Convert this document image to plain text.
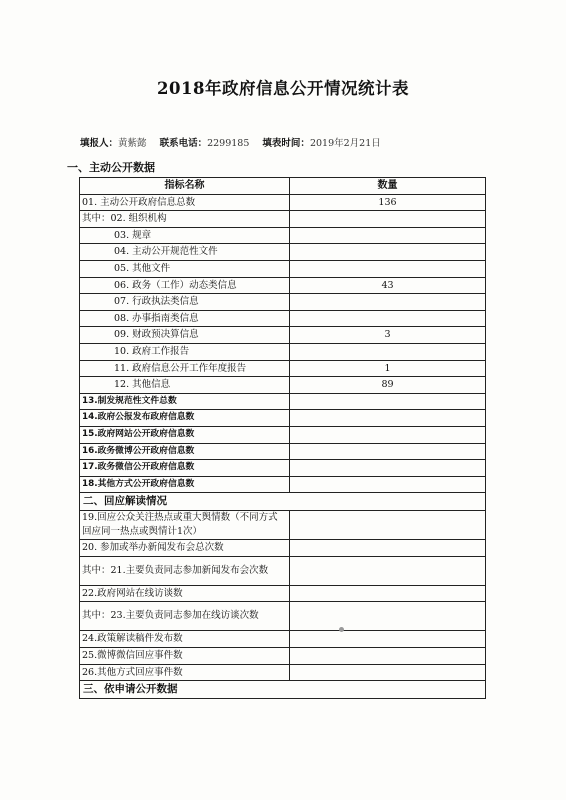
2018年政府信息公开情况统计表
填报人：黄紫懿 联系电话：2299185 填表时间：2019年2月21日
一、主动公开数据
指标名称	数量
01. 主动公开政府信息总数	136
其中：02. 组织机构	
03. 规章	
04. 主动公开规范性文件	
05. 其他文件	
06. 政务（工作）动态类信息	43
07. 行政执法类信息	
08. 办事指南类信息	
09. 财政预决算信息	3
10. 政府工作报告	
11. 政府信息公开工作年度报告	1
12. 其他信息	89
13.制发规范性文件总数	
14.政府公报发布政府信息数	
15.政府网站公开政府信息数	
16.政务微博公开政府信息数	
17.政务微信公开政府信息数	
18.其他方式公开政府信息数	
二、回应解读情况	
19.回应公众关注热点或重大舆情数（不同方式回应同一热点或舆情计1次）	
20. 参加或举办新闻发布会总次数	
其中：21.主要负责同志参加新闻发布会次数	
22.政府网站在线访谈数	
其中：23.主要负责同志参加在线访谈次数	
24.政策解读稿件发布数	
25.微博微信回应事件数	
26.其他方式回应事件数	
三、依申请公开数据	
